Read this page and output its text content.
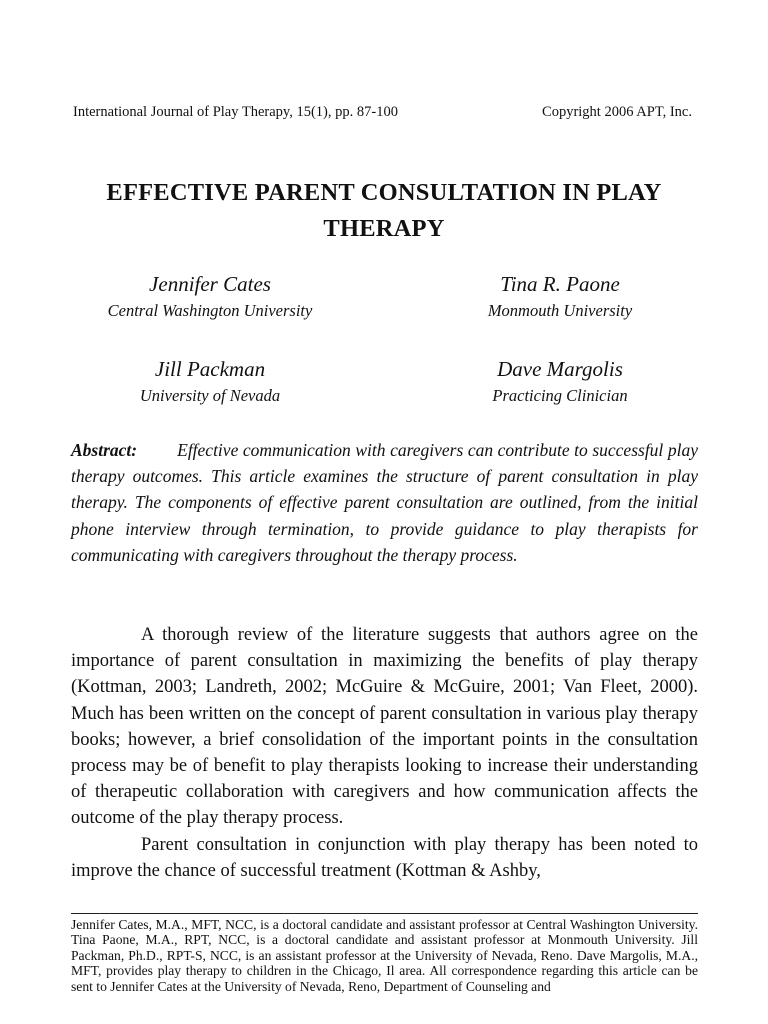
International Journal of Play Therapy, 15(1), pp. 87-100	Copyright 2006 APT, Inc.
EFFECTIVE PARENT CONSULTATION IN PLAY THERAPY
Jennifer Cates
Central Washington University
Tina R. Paone
Monmouth University
Jill Packman
University of Nevada
Dave Margolis
Practicing Clinician
Abstract: Effective communication with caregivers can contribute to successful play therapy outcomes. This article examines the structure of parent consultation in play therapy. The components of effective parent consultation are outlined, from the initial phone interview through termination, to provide guidance to play therapists for communicating with caregivers throughout the therapy process.

A thorough review of the literature suggests that authors agree on the importance of parent consultation in maximizing the benefits of play therapy (Kottman, 2003; Landreth, 2002; McGuire & McGuire, 2001; Van Fleet, 2000). Much has been written on the concept of parent consultation in various play therapy books; however, a brief consolidation of the important points in the consultation process may be of benefit to play therapists looking to increase their understanding of therapeutic collaboration with caregivers and how communication affects the outcome of the play therapy process.

Parent consultation in conjunction with play therapy has been noted to improve the chance of successful treatment (Kottman & Ashby,

Jennifer Cates, M.A., MFT, NCC, is a doctoral candidate and assistant professor at Central Washington University. Tina Paone, M.A., RPT, NCC, is a doctoral candidate and assistant professor at Monmouth University. Jill Packman, Ph.D., RPT-S, NCC, is an assistant professor at the University of Nevada, Reno. Dave Margolis, M.A., MFT, provides play therapy to children in the Chicago, Il area. All correspondence regarding this article can be sent to Jennifer Cates at the University of Nevada, Reno, Department of Counseling and
